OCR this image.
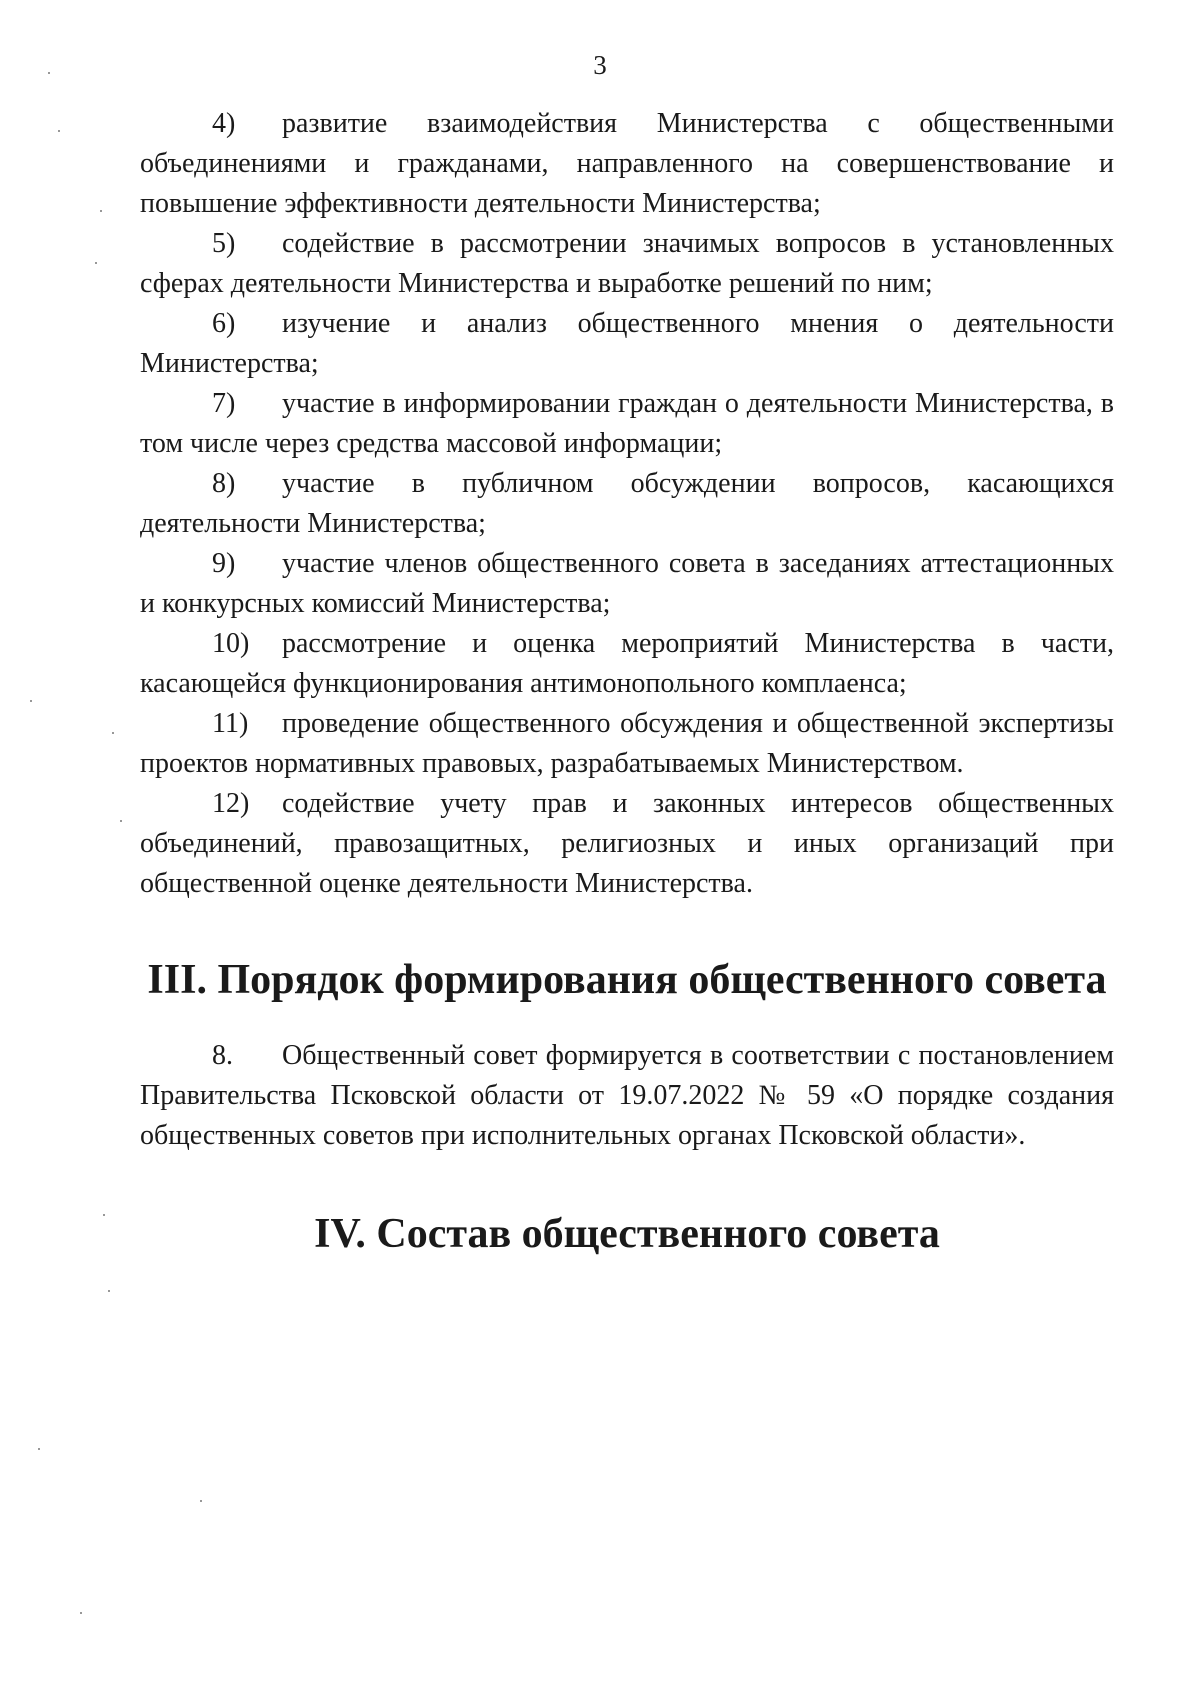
3

4) развитие взаимодействия Министерства с общественными объединениями и гражданами, направленного на совершенствование и повышение эффективности деятельности Министерства;

5) содействие в рассмотрении значимых вопросов в установленных сферах деятельности Министерства и выработке решений по ним;

6) изучение и анализ общественного мнения о деятельности Министерства;

7) участие в информировании граждан о деятельности Министерства, в том числе через средства массовой информации;

8) участие в публичном обсуждении вопросов, касающихся деятельности Министерства;

9) участие членов общественного совета в заседаниях аттестационных и конкурсных комиссий Министерства;

10) рассмотрение и оценка мероприятий Министерства в части, касающейся функционирования антимонопольного комплаенса;

11) проведение общественного обсуждения и общественной экспертизы проектов нормативных правовых, разрабатываемых Министерством.

12) содействие учету прав и законных интересов общественных объединений, правозащитных, религиозных и иных организаций при общественной оценке деятельности Министерства.

III. Порядок формирования общественного совета

8. Общественный совет формируется в соответствии с постановлением Правительства Псковской области от 19.07.2022 № 59 «О порядке создания общественных советов при исполнительных органах Псковской области».

IV. Состав общественного совета
